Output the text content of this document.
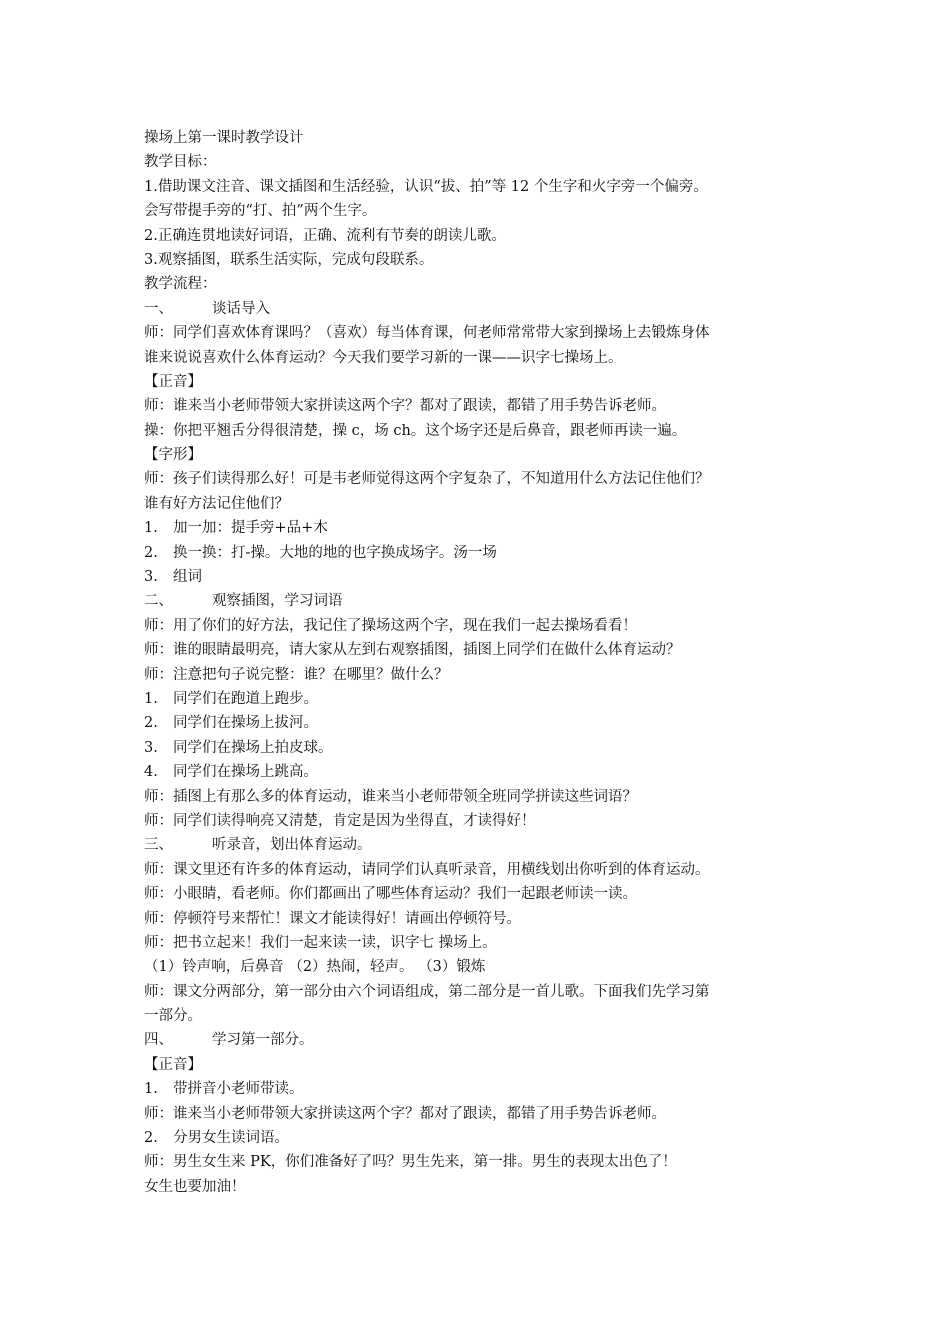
操场上第一课时教学设计
教学目标：
1.借助课文注音、课文插图和生活经验，认识“拔、拍”等 12 个生字和火字旁一个偏旁。
会写带提手旁的“打、拍”两个生字。
2.正确连贯地读好词语，正确、流利有节奏的朗读儿歌。
3.观察插图，联系生活实际，完成句段联系。
教学流程：
一、	谈话导入
师：同学们喜欢体育课吗？（喜欢）每当体育课，何老师常常带大家到操场上去锻炼身体
谁来说说喜欢什么体育运动？今天我们要学习新的一课——识字七操场上。
【正音】
师：谁来当小老师带领大家拼读这两个字？都对了跟读，都错了用手势告诉老师。
操：你把平翘舌分得很清楚，操 c，场 ch。这个场字还是后鼻音，跟老师再读一遍。
【字形】
师：孩子们读得那么好！可是韦老师觉得这两个字复杂了，不知道用什么方法记住他们？
谁有好方法记住他们？
1. 加一加：提手旁+品+木
2. 换一换：打-操。大地的地的也字换成场字。汤一场
3. 组词
二、	观察插图，学习词语
师：用了你们的好方法，我记住了操场这两个字，现在我们一起去操场看看！
师：谁的眼睛最明亮，请大家从左到右观察插图，插图上同学们在做什么体育运动？
师：注意把句子说完整：谁？在哪里？做什么？
1. 同学们在跑道上跑步。
2. 同学们在操场上拔河。
3. 同学们在操场上拍皮球。
4. 同学们在操场上跳高。
师：插图上有那么多的体育运动，谁来当小老师带领全班同学拼读这些词语？
师：同学们读得响亮又清楚，肯定是因为坐得直，才读得好！
三、	听录音，划出体育运动。
师：课文里还有许多的体育运动，请同学们认真听录音，用横线划出你听到的体育运动。
师：小眼睛，看老师。你们都画出了哪些体育运动？我们一起跟老师读一读。
师：停顿符号来帮忙！课文才能读得好！请画出停顿符号。
师：把书立起来！我们一起来读一读，识字七 操场上。
（1）铃声响，后鼻音 （2）热闹，轻声。 （3）锻炼
师：课文分两部分，第一部分由六个词语组成，第二部分是一首儿歌。下面我们先学习第
一部分。
四、	学习第一部分。
【正音】
1. 带拼音小老师带读。
师：谁来当小老师带领大家拼读这两个字？都对了跟读，都错了用手势告诉老师。
2. 分男女生读词语。
师：男生女生来 PK，你们准备好了吗？男生先来，第一排。男生的表现太出色了！
女生也要加油！
